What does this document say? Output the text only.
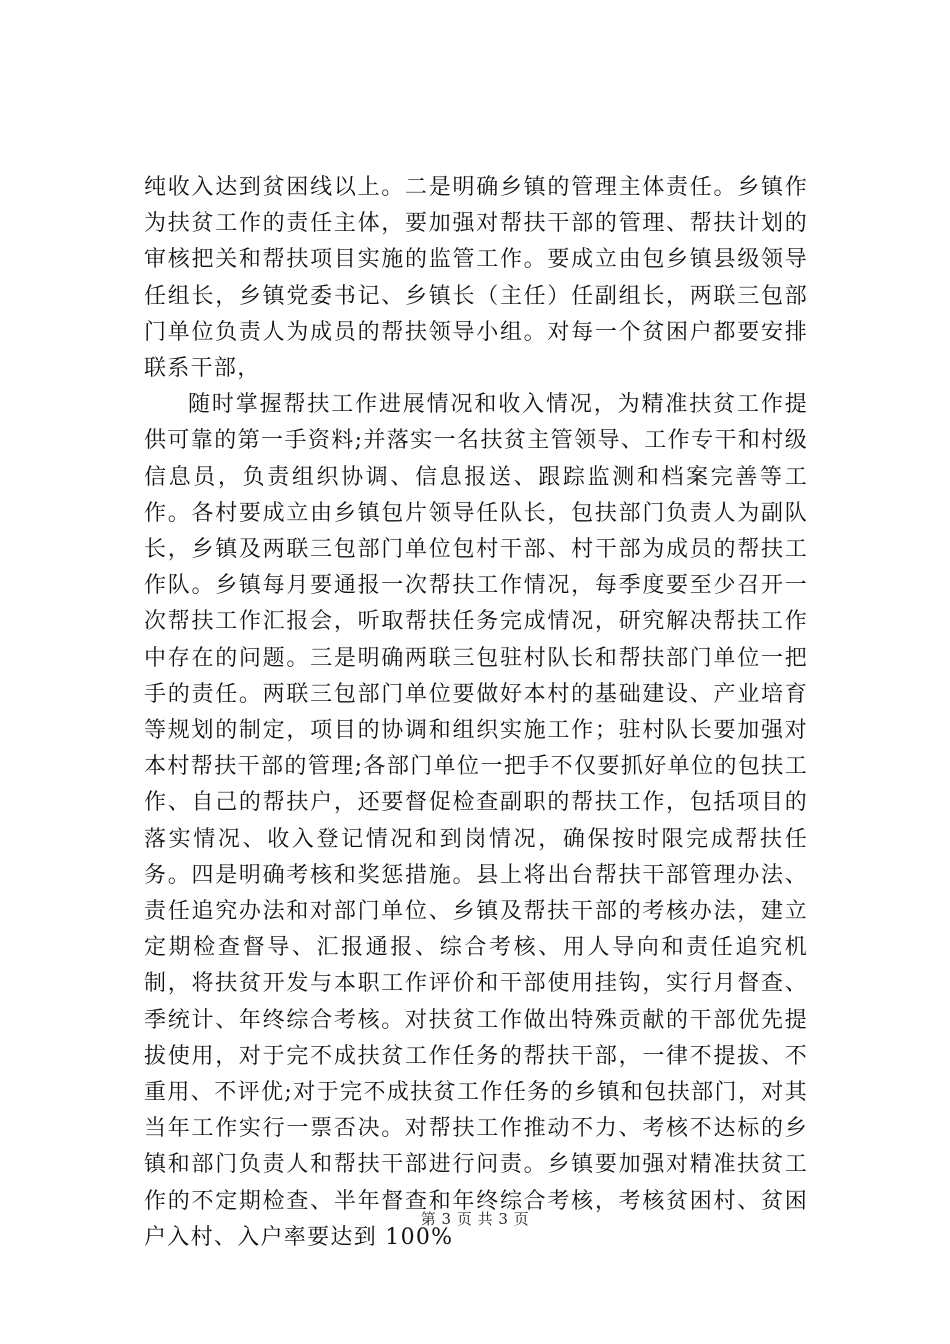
纯收入达到贫困线以上。二是明确乡镇的管理主体责任。乡镇作为扶贫工作的责任主体，要加强对帮扶干部的管理、帮扶计划的审核把关和帮扶项目实施的监管工作。要成立由包乡镇县级领导任组长，乡镇党委书记、乡镇长（主任）任副组长，两联三包部门单位负责人为成员的帮扶领导小组。对每一个贫困户都要安排联系干部，

随时掌握帮扶工作进展情况和收入情况，为精准扶贫工作提供可靠的第一手资料;并落实一名扶贫主管领导、工作专干和村级信息员，负责组织协调、信息报送、跟踪监测和档案完善等工作。各村要成立由乡镇包片领导任队长，包扶部门负责人为副队长，乡镇及两联三包部门单位包村干部、村干部为成员的帮扶工作队。乡镇每月要通报一次帮扶工作情况，每季度要至少召开一次帮扶工作汇报会，听取帮扶任务完成情况，研究解决帮扶工作中存在的问题。三是明确两联三包驻村队长和帮扶部门单位一把手的责任。两联三包部门单位要做好本村的基础建设、产业培育等规划的制定，项目的协调和组织实施工作；驻村队长要加强对本村帮扶干部的管理;各部门单位一把手不仅要抓好单位的包扶工作、自己的帮扶户，还要督促检查副职的帮扶工作，包括项目的落实情况、收入登记情况和到岗情况，确保按时限完成帮扶任务。四是明确考核和奖惩措施。县上将出台帮扶干部管理办法、责任追究办法和对部门单位、乡镇及帮扶干部的考核办法，建立定期检查督导、汇报通报、综合考核、用人导向和责任追究机制，将扶贫开发与本职工作评价和干部使用挂钩，实行月督查、季统计、年终综合考核。对扶贫工作做出特殊贡献的干部优先提拔使用，对于完不成扶贫工作任务的帮扶干部，一律不提拔、不重用、不评优;对于完不成扶贫工作任务的乡镇和包扶部门，对其当年工作实行一票否决。对帮扶工作推动不力、考核不达标的乡镇和部门负责人和帮扶干部进行问责。乡镇要加强对精准扶贫工作的不定期检查、半年督查和年终综合考核，考核贫困村、贫困户入村、入户率要达到 100%

第 3 页 共 3 页
